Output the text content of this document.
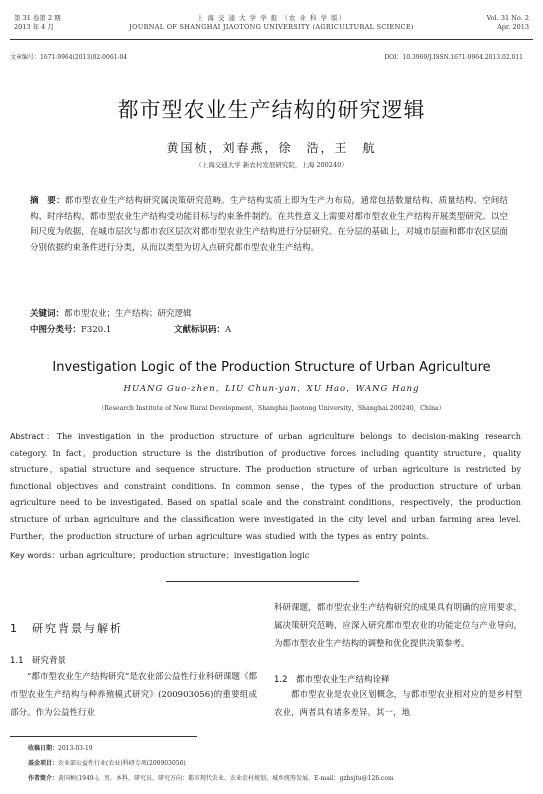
第 31 卷第 2 期
2013 年 4 月
上 海 交 通 大 学 学 报 （农 业 科 学 版）
JOURNAL OF SHANGHAI JIAOTONG UNIVERSITY (AGRICULTURAL SCIENCE)
Vol. 31 No. 2
Apr. 2013
文章编号：1671-9964(2013)02-0061-04	DOI：10.3969/J.ISSN.1671-9964.2013.02.011
都市型农业生产结构的研究逻辑
黄国桢，刘春燕，徐　浩，王　航
（上海交通大学 新农村发展研究院，上海 200240）
摘　要：都市型农业生产结构研究属决策研究范畴。生产结构实质上即为生产力布局，通常包括数量结构、质量结构、空间结构、时序结构。都市型农业生产结构受功能目标与约束条件制约。在共性意义上需要对都市型农业生产结构开展类型研究。以空间尺度为依据，在城市层次与都市农区层次对都市型农业生产结构进行分层研究。在分层的基础上，对城市层面和都市农区层面分别依据约束条件进行分类，从而以类型为切入点研究都市型农业生产结构。
关键词：都市型农业；生产结构；研究逻辑
中图分类号：F320.1	文献标识码：A
Investigation Logic of the Production Structure of Urban Agriculture
HUANG Guo-zhen，LIU Chun-yan，XU Hao，WANG Hang
（Research Institute of New Rural Development，Shanghai Jiaotong University，Shanghai 200240，China）
Abstract：The investigation in the production structure of urban agriculture belongs to decision-making research category. In fact，production structure is the distribution of productive forces including quantity structure，quality structure，spatial structure and sequence structure. The production structure of urban agriculture is restricted by functional objectives and constraint conditions. In common sense，the types of the production structure of urban agriculture need to be investigated. Based on spatial scale and the constraint conditions，respectively，the production structure of urban agriculture and the classification were investigated in the city level and urban farming area level. Further，the production structure of urban agriculture was studied with the types as entry points.
Key words：urban agriculture；production structure；investigation logic
1　研究背景与解析
1.1　研究背景
“都市型农业生产结构研究”是农业部公益性行业科研课题《都市型农业生产结构与种养殖模式研究》(200903056)的重要组成部分。作为公益性行业
科研课题，都市型农业生产结构研究的成果具有明确的应用要求，属决策研究范畴，应深入研究都市型农业的功能定位与产业导向，为都市型农业生产结构的调整和优化提供决策参考。
1.2　都市型农业生产结构诠释
都市型农业是农业区划概念，与都市型农业相对应的是乡村型农业，两者具有诸多差异。其一，地
收稿日期：2013-03-19
基金项目：农业部公益性行业(农业)科研专项(200903056)
作者简介：黄国桢(1949-)，男，本科，研究员，研究方向：都市现代农业、农业农村规划、城乡统筹发展，E-mail：gzhsjtu@126.com
